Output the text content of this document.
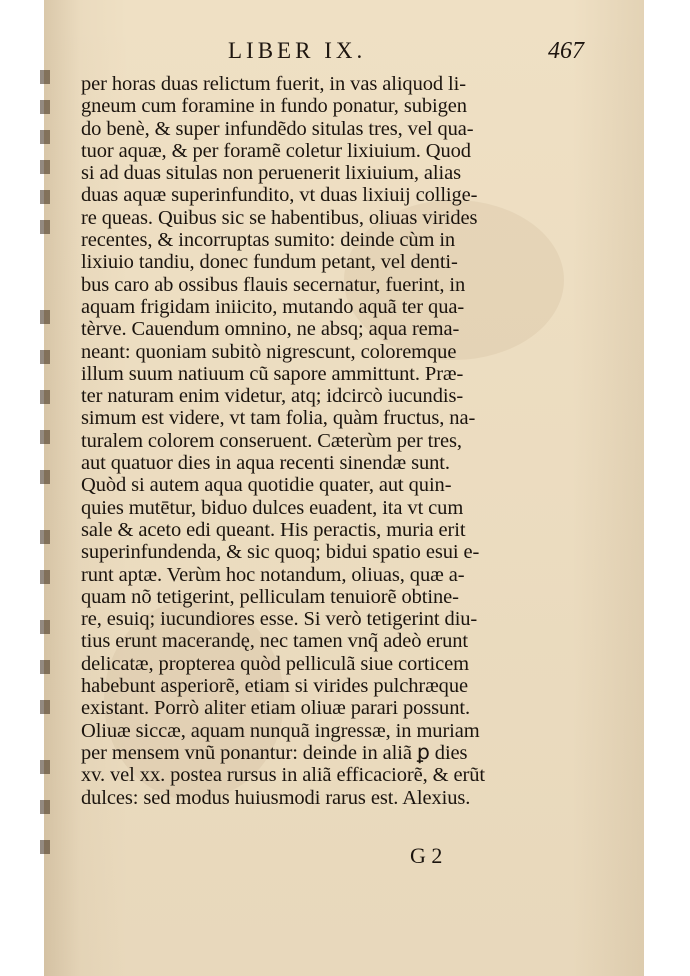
LIBER IX.	467
per horas duas relictum fuerit, in vas aliquod li-
gneum cum foramine in fundo ponatur, subigen
do benè, & super infundẽdo situlas tres, vel qua-
tuor aquæ, & per foramẽ coletur lixiuium. Quod
si ad duas situlas non peruenerit lixiuium, alias
duas aquæ superinfundito, vt duas lixiuij collige-
re queas. Quibus sic se habentibus, oliuas virides
recentes, & incorruptas sumito: deinde cùm in
lixiuio tandiu, donec fundum petant, vel denti-
bus caro ab ossibus flauis secernatur, fuerint, in
aquam frigidam iniicito, mutando aquã ter qua-
tèrve. Cauendum omnino, ne absq; aqua rema-
neant: quoniam subitò nigrescunt, coloremque
illum suum natiuum cũ sapore ammittunt. Præ-
ter naturam enim videtur, atq; idcircò iucundis-
simum est videre, vt tam folia, quàm fructus, na-
turalem colorem conseruent. Cæterùm per tres,
aut quatuor dies in aqua recenti sinendæ sunt.
Quòd si autem aqua quotidie quater, aut quin-
quies mutētur, biduo dulces euadent, ita vt cum
sale & aceto edi queant. His peractis, muria erit
superinfundenda, & sic quoq; bidui spatio esui e-
runt aptæ. Verùm hoc notandum, oliuas, quæ a-
quam nõ tetigerint, pelliculam tenuiorẽ obtine-
re, esuiq; iucundiores esse. Si verò tetigerint diu-
tius erunt macerandę, nec tamen vnq̃ adeò erunt
delicatæ, propterea quòd pelliculã siue corticem
habebunt asperiorẽ, etiam si virides pulchræque
existant. Porrò aliter etiam oliuæ parari possunt.
Oliuæ siccæ, aquam nunquã ingressæ, in muriam
per mensem vnũ ponantur: deinde in aliã ꝑ dies
xv. vel xx. postea rursus in aliã efficaciorẽ, & erũt
dulces: sed modus huiusmodi rarus est. Alexius.
G 2
